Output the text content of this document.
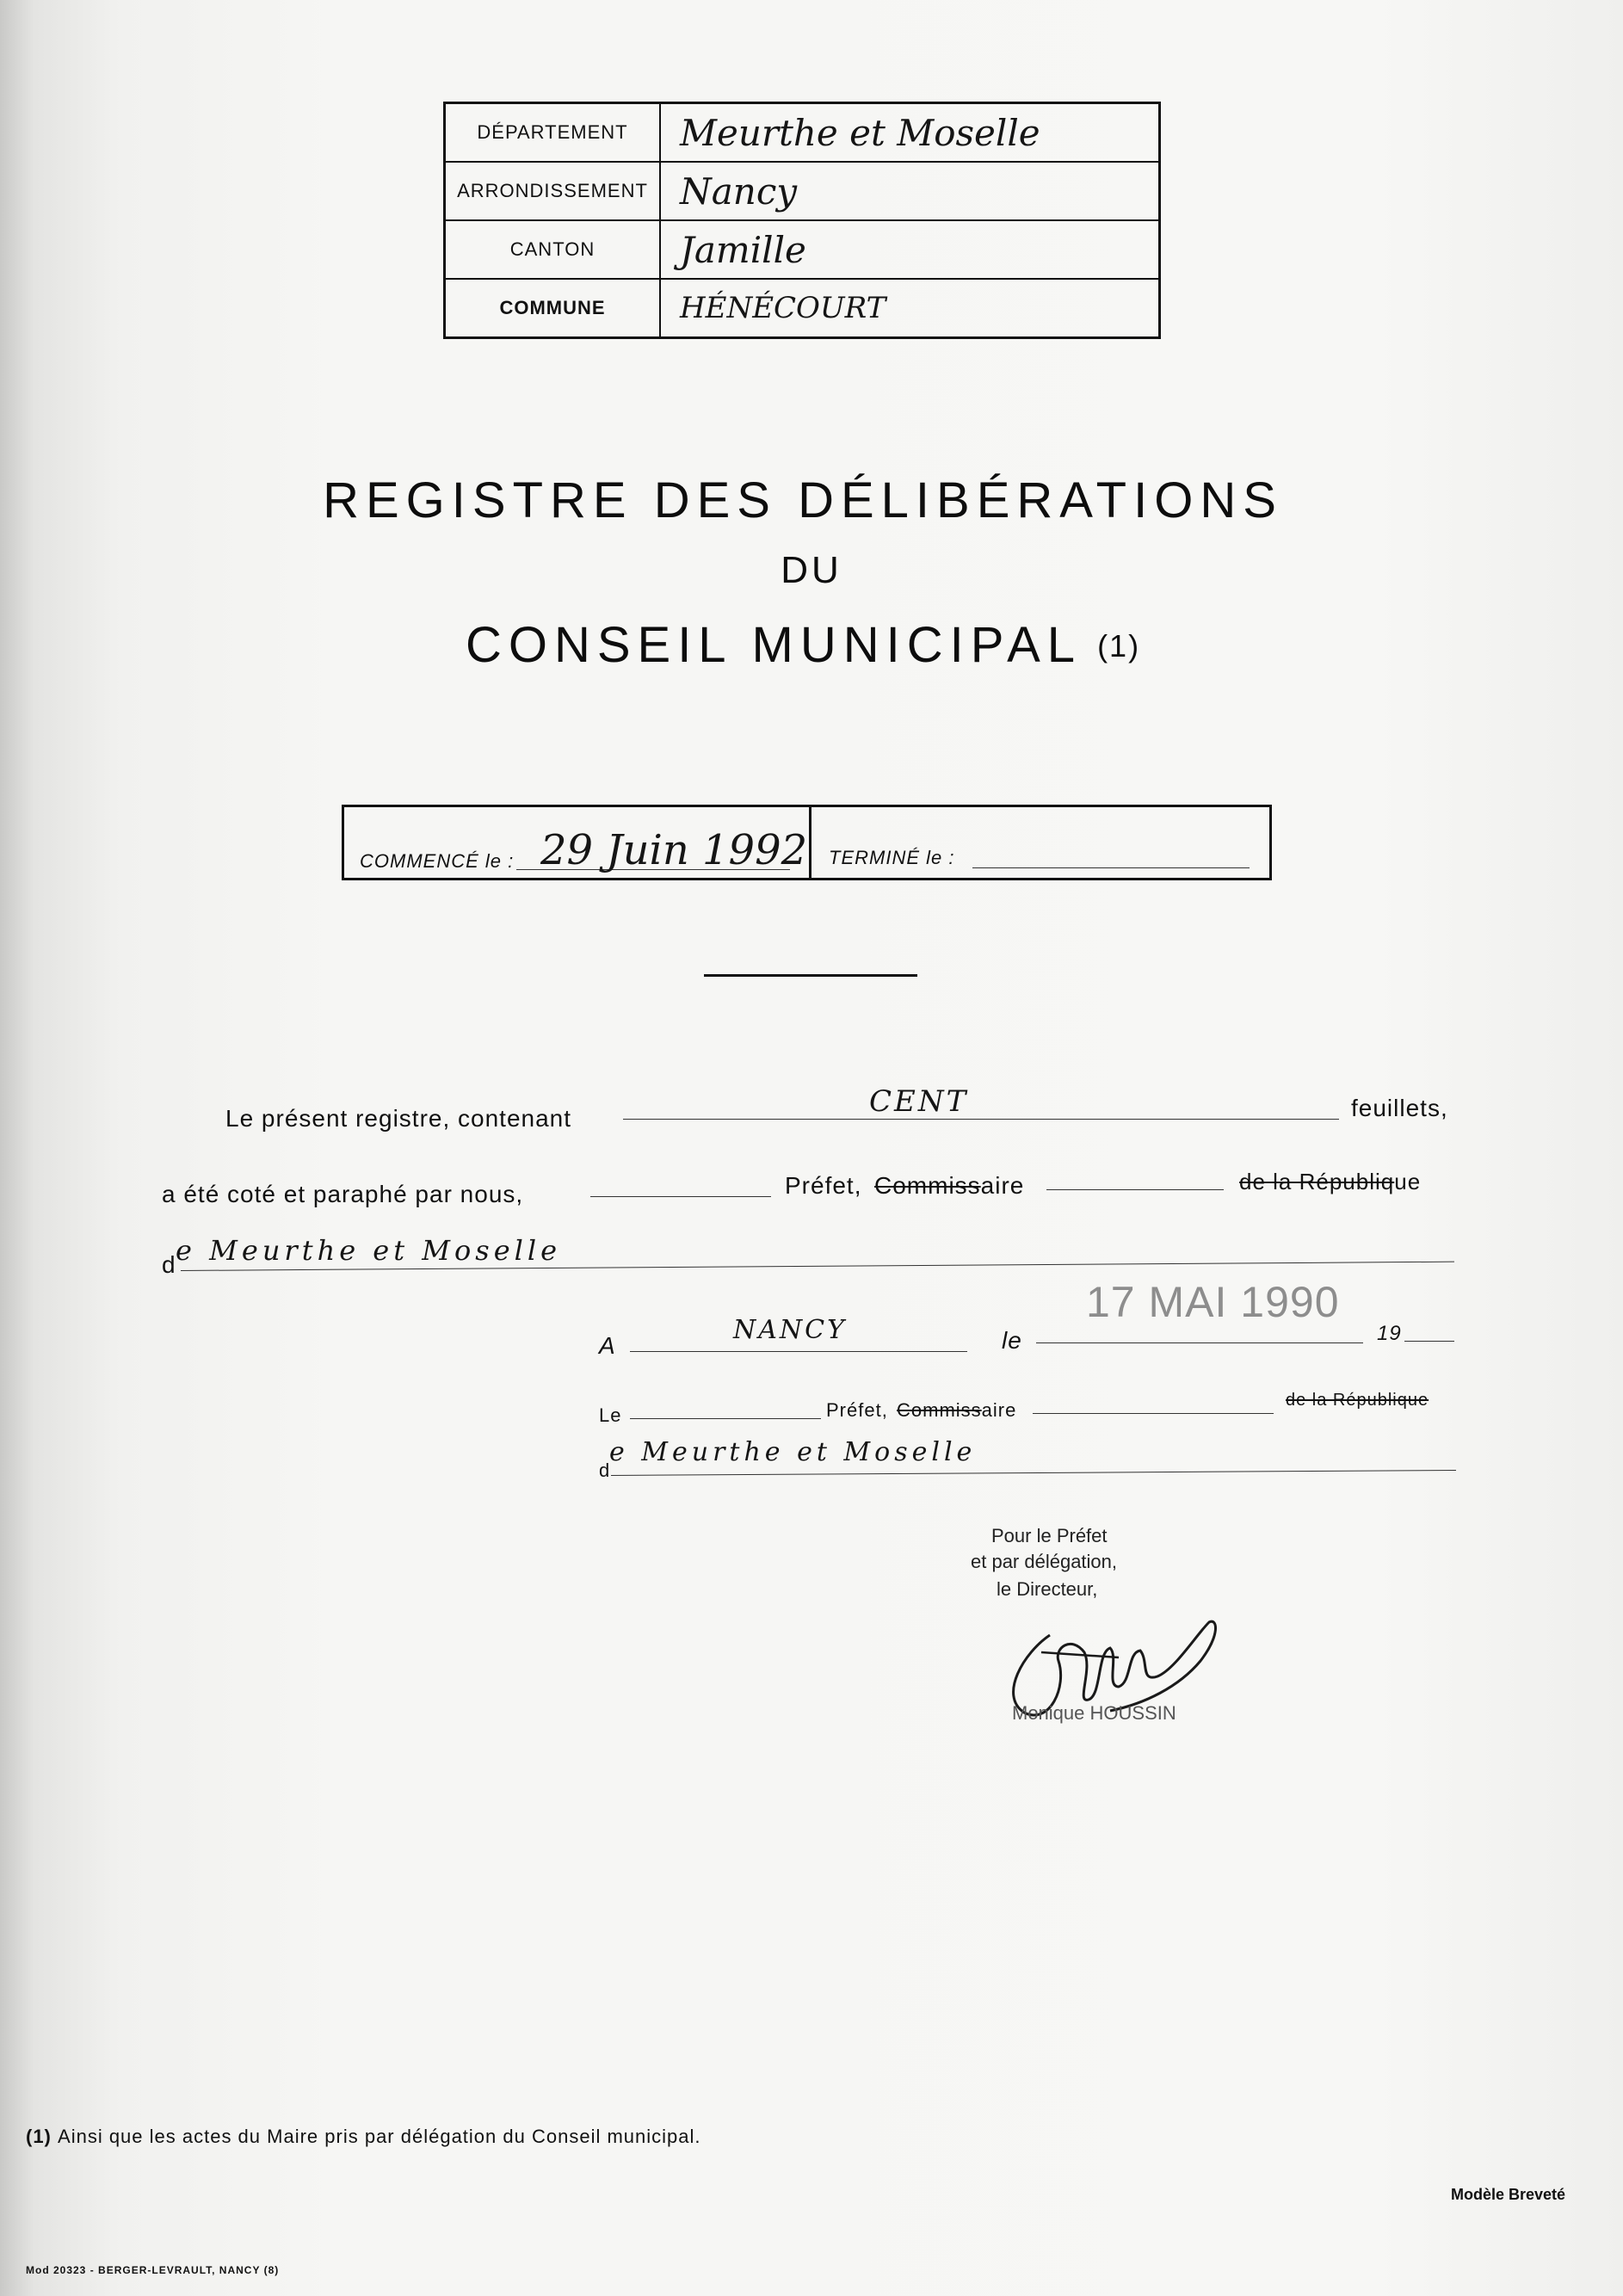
DÉPARTEMENT	Meurthe et Moselle
ARRONDISSEMENT	Nancy
CANTON	Jamille
COMMUNE	HÉNÉCOURT
REGISTRE DES DÉLIBÉRATIONS
DU
CONSEIL MUNICIPAL (1)
COMMENCÉ le : 29 Juin 1992 TERMINÉ le :
Le présent registre, contenant	CENT	feuillets,
a été coté et paraphé par nous,	Préfet, Commissaire	de la République
d e Meurthe et Moselle
A
NANCY	le
17 MAI 1990
19
Le	Préfet, Commissaire	de la République
d
e Meurthe et Moselle
Pour le Préfet
et par délégation,
le Directeur,
Monique HOUSSIN
(1) Ainsi que les actes du Maire pris par délégation du Conseil municipal.
Mod 20323 - BERGER-LEVRAULT, NANCY (8)
Modèle Breveté
